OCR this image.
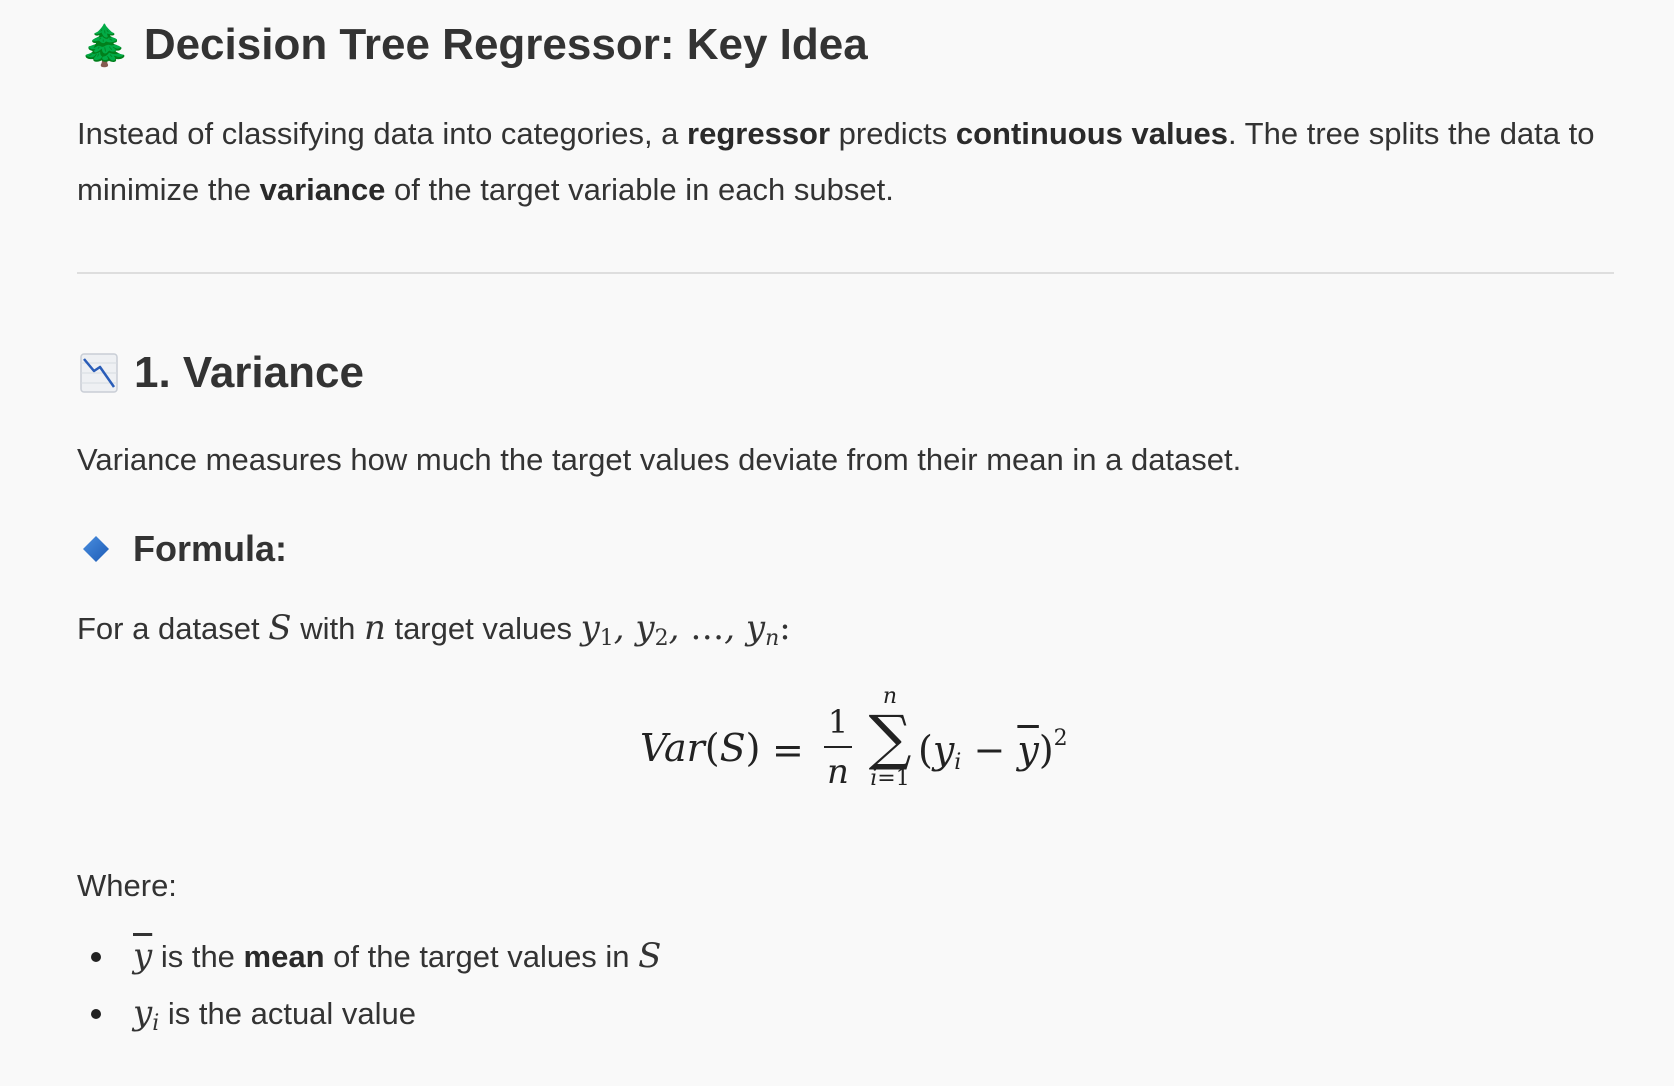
🌲 Decision Tree Regressor: Key Idea

Instead of classifying data into categories, a regressor predicts continuous values. The tree splits the data to minimize the variance of the target variable in each subset.

1. Variance

Variance measures how much the target values deviate from their mean in a dataset.

Formula:

For a dataset S with n target values $y_1$, $y_2$, …, $y_n$:

Var(S) =
1
n
n
∑
i=1
$(y_i - \overline{y})^2$

Where:

$\overline{y}$ is the mean of the target values in S
$y_i$ is the actual value
